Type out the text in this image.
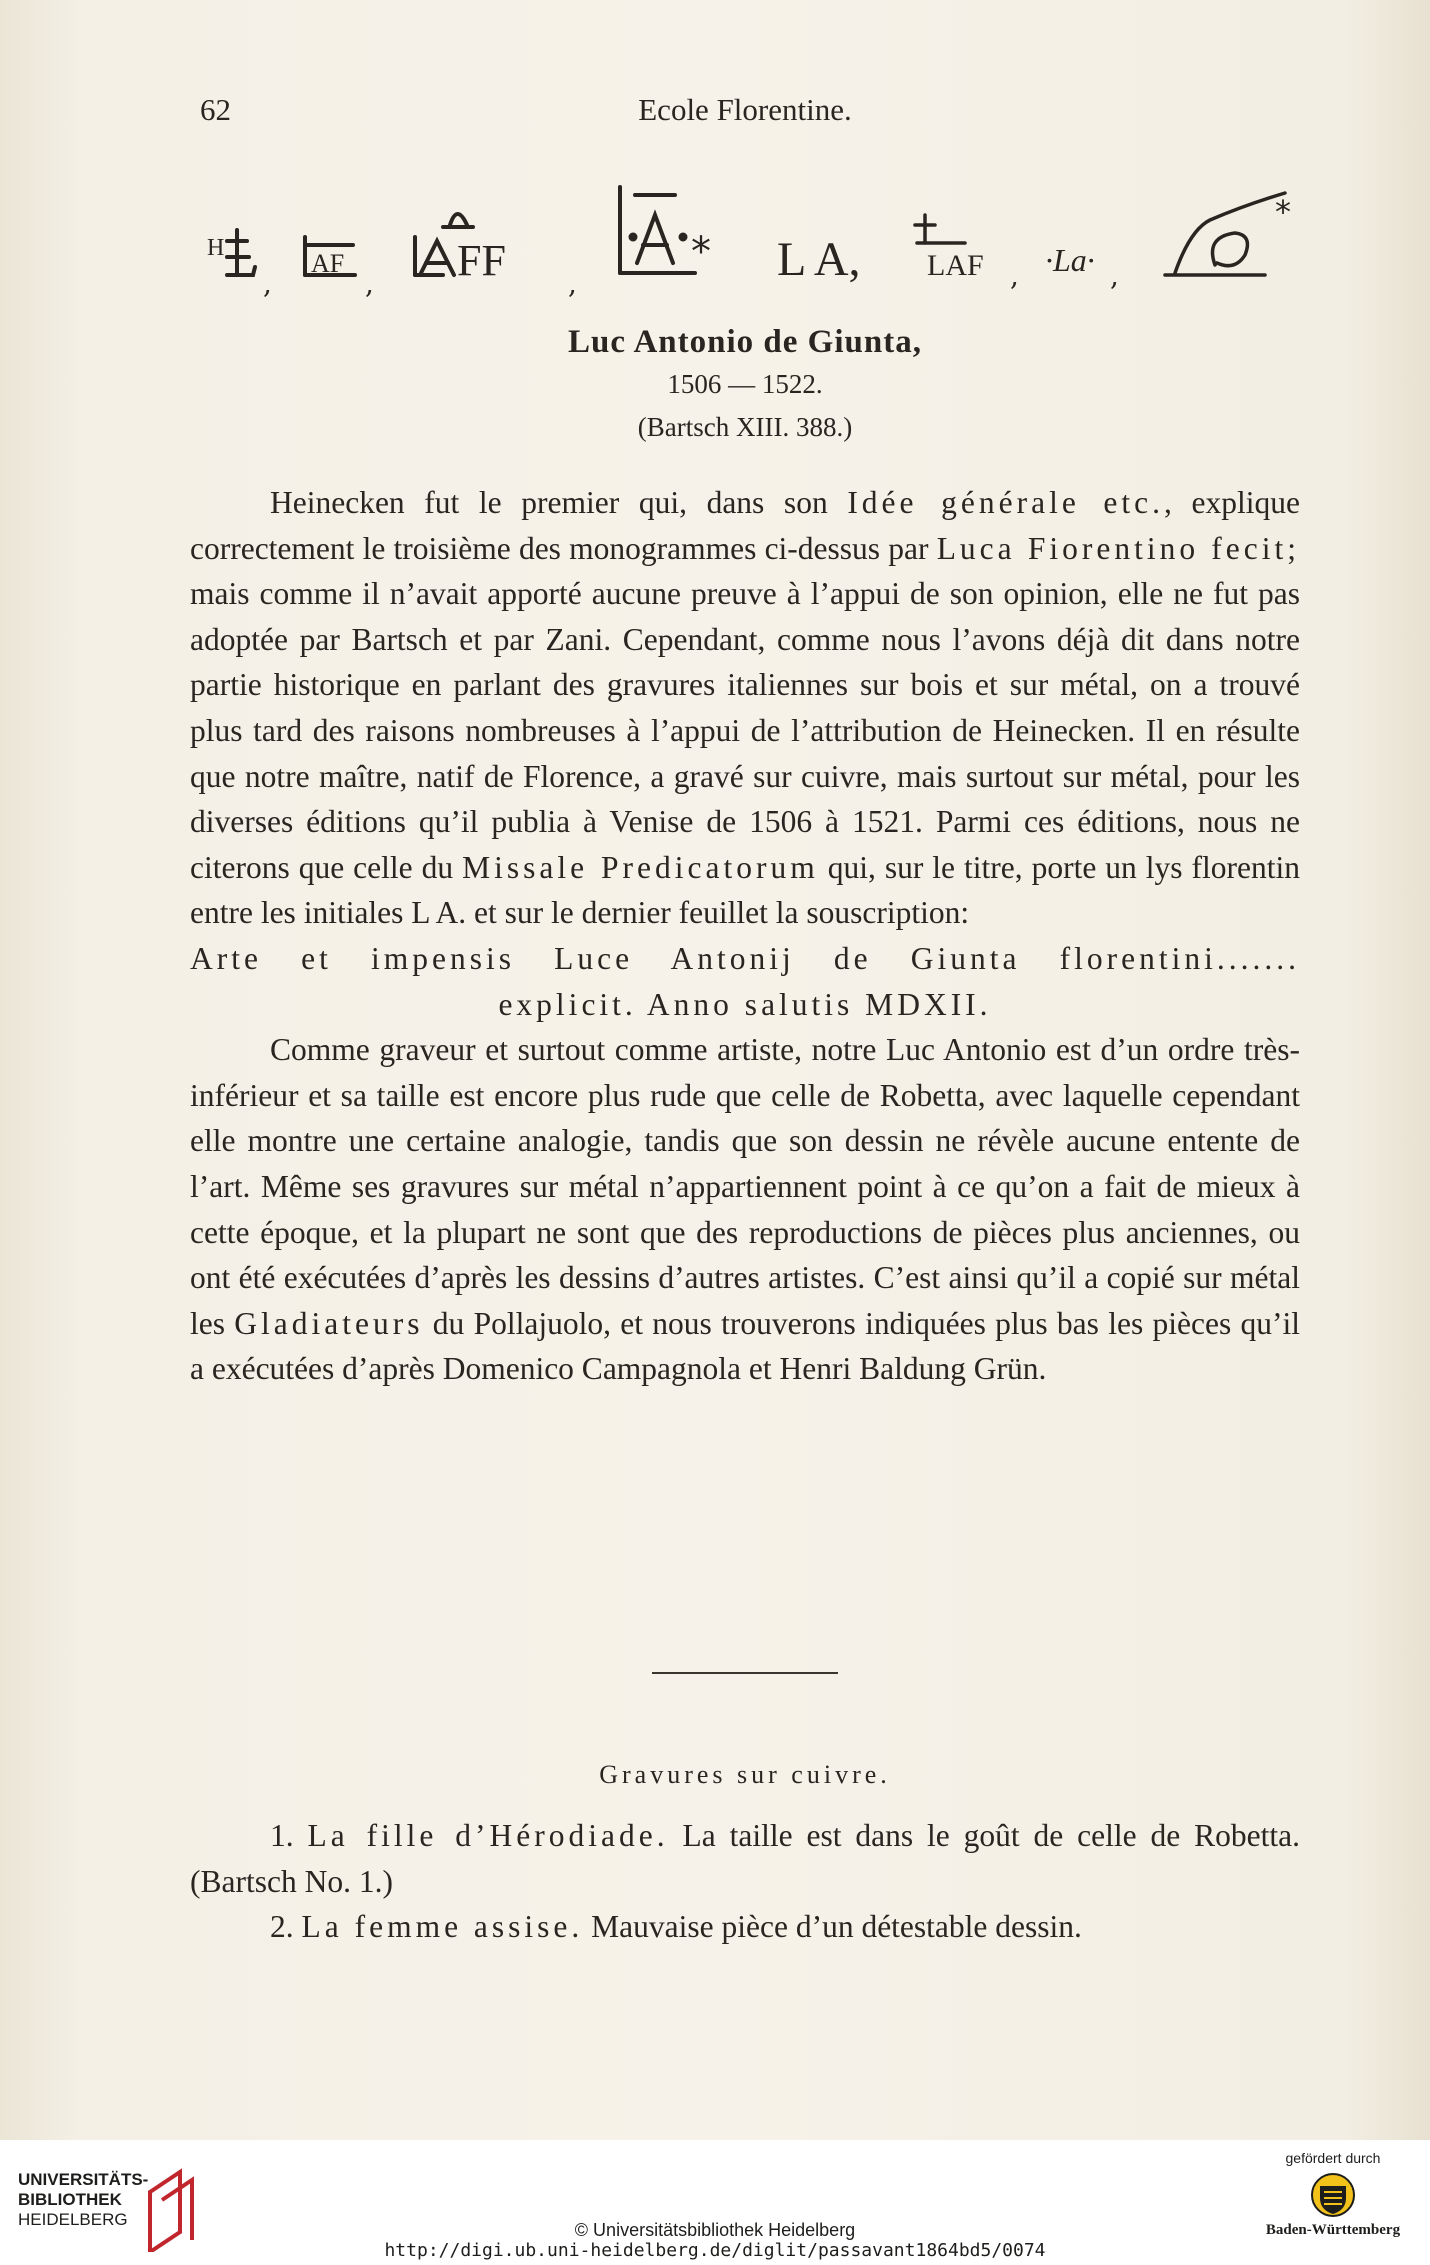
62	Ecole Florentine.
H
,
AF
, FF ,
* L A, LAF , ·La· ,
*

Luc Antonio de Giunta,

1506 — 1522.

(Bartsch XIII. 388.)

Heinecken fut le premier qui, dans son Idée générale etc., explique correctement le troisième des monogrammes ci-dessus par Luca Fiorentino fecit; mais comme il n’avait apporté aucune preuve à l’appui de son opinion, elle ne fut pas adoptée par Bartsch et par Zani. Cependant, comme nous l’avons déjà dit dans notre partie historique en parlant des gravures italiennes sur bois et sur métal, on a trouvé plus tard des raisons nombreuses à l’appui de l’attribution de Heinecken. Il en résulte que notre maître, natif de Florence, a gravé sur cuivre, mais surtout sur métal, pour les diverses éditions qu’il publia à Venise de 1506 à 1521. Parmi ces éditions, nous ne citerons que celle du Missale Predicatorum qui, sur le titre, porte un lys florentin entre les initiales L A. et sur le dernier feuillet la souscription:

Arte et impensis Luce Antonij de Giunta florentini.......

explicit. Anno salutis MDXII.

Comme graveur et surtout comme artiste, notre Luc Antonio est d’un ordre très-inférieur et sa taille est encore plus rude que celle de Robetta, avec laquelle cependant elle montre une certaine analogie, tandis que son dessin ne révèle aucune entente de l’art. Même ses gravures sur métal n’appartiennent point à ce qu’on a fait de mieux à cette époque, et la plupart ne sont que des reproductions de pièces plus anciennes, ou ont été exécutées d’après les dessins d’autres artistes. C’est ainsi qu’il a copié sur métal les Gladiateurs du Pollajuolo, et nous trouverons indiquées plus bas les pièces qu’il a exécutées d’après Domenico Campagnola et Henri Baldung Grün.

Gravures sur cuivre.

1. La fille d’Hérodiade. La taille est dans le goût de celle de Robetta. (Bartsch No. 1.)

2. La femme assise. Mauvaise pièce d’un détestable dessin.

UNIVERSITÄTS-
BIBLIOTHEK
HEIDELBERG
© Universitätsbibliothek Heidelberg
http://digi.ub.uni-heidelberg.de/diglit/passavant1864bd5/0074
gefördert durch
Baden-Württemberg
